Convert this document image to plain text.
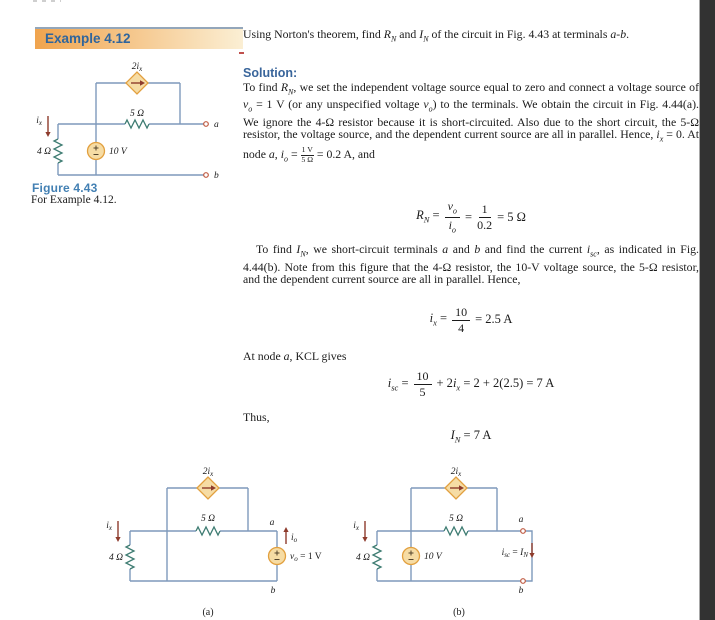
Example 4.12
$2i_x$
5 Ω
4 Ω	10 V
$i_x$	a
b
Figure 4.43
For Example 4.12.
Using Norton's theorem, find $R_N$ and $I_N$ of the circuit in Fig. 4.43 at terminals a-b.
Solution:
To find $R_N$, we set the independent voltage source equal to zero and connect a voltage source of $v_o = 1$ V (or any unspecified voltage $v_o$) to the terminals. We obtain the circuit in Fig. 4.44(a). We ignore the 4-Ω resistor because it is short-circuited. Also due to the short circuit, the 5-Ω resistor, the voltage source, and the dependent current source are all in parallel. Hence, $i_x = 0$. At node a, $i_o = \frac{1 V}{5 \Omega} = 0.2$ A, and
$R_N = \frac{v_o}{i_o} = \frac{1}{0.2} = 5$ Ω
To find $I_N$, we short-circuit terminals a and b and find the current $i_{sc}$, as indicated in Fig. 4.44(b). Note from this figure that the 4-Ω resistor, the 10-V voltage source, the 5-Ω resistor, and the dependent current source are all in parallel. Hence,
$i_x = \frac{10}{4} = 2.5$ A
At node a, KCL gives
$i_{sc} = \frac{10}{5} + 2i_x = 2 + 2(2.5) = 7$ A
Thus,
$I_N = 7$ A
$2i_x$
5 Ω
4 Ω
$i_x$
$i_o$
$v_o = 1$ V
a
b
(a)
$2i_x$
5 Ω
4 Ω	10 V
$i_x$
$i_{sc} = I_N$
a
b
(b)
